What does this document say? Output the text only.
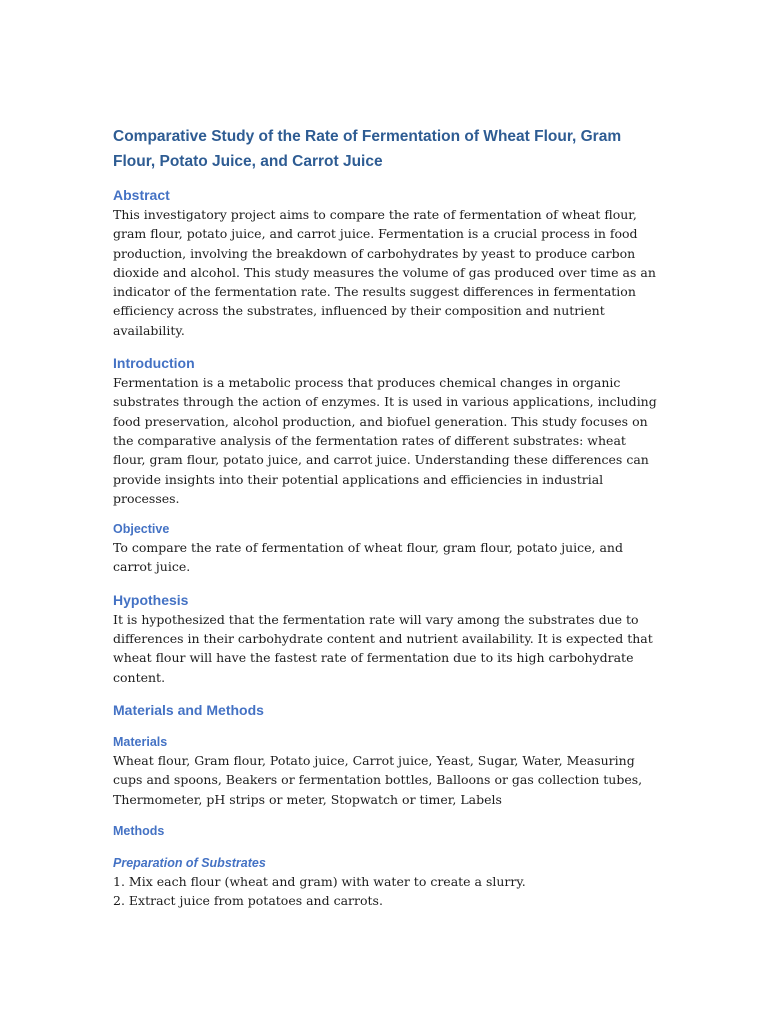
Comparative Study of the Rate of Fermentation of Wheat Flour, Gram Flour, Potato Juice, and Carrot Juice
Abstract

This investigatory project aims to compare the rate of fermentation of wheat flour, gram flour, potato juice, and carrot juice. Fermentation is a crucial process in food production, involving the breakdown of carbohydrates by yeast to produce carbon dioxide and alcohol. This study measures the volume of gas produced over time as an indicator of the fermentation rate. The results suggest differences in fermentation efficiency across the substrates, influenced by their composition and nutrient availability.

Introduction

Fermentation is a metabolic process that produces chemical changes in organic substrates through the action of enzymes. It is used in various applications, including food preservation, alcohol production, and biofuel generation. This study focuses on the comparative analysis of the fermentation rates of different substrates: wheat flour, gram flour, potato juice, and carrot juice. Understanding these differences can provide insights into their potential applications and efficiencies in industrial processes.

Objective

To compare the rate of fermentation of wheat flour, gram flour, potato juice, and carrot juice.

Hypothesis

It is hypothesized that the fermentation rate will vary among the substrates due to differences in their carbohydrate content and nutrient availability. It is expected that wheat flour will have the fastest rate of fermentation due to its high carbohydrate content.

Materials and Methods
Materials

Wheat flour, Gram flour, Potato juice, Carrot juice, Yeast, Sugar, Water, Measuring cups and spoons, Beakers or fermentation bottles, Balloons or gas collection tubes, Thermometer, pH strips or meter, Stopwatch or timer, Labels

Methods
Preparation of Substrates
1. Mix each flour (wheat and gram) with water to create a slurry.
2. Extract juice from potatoes and carrots.
